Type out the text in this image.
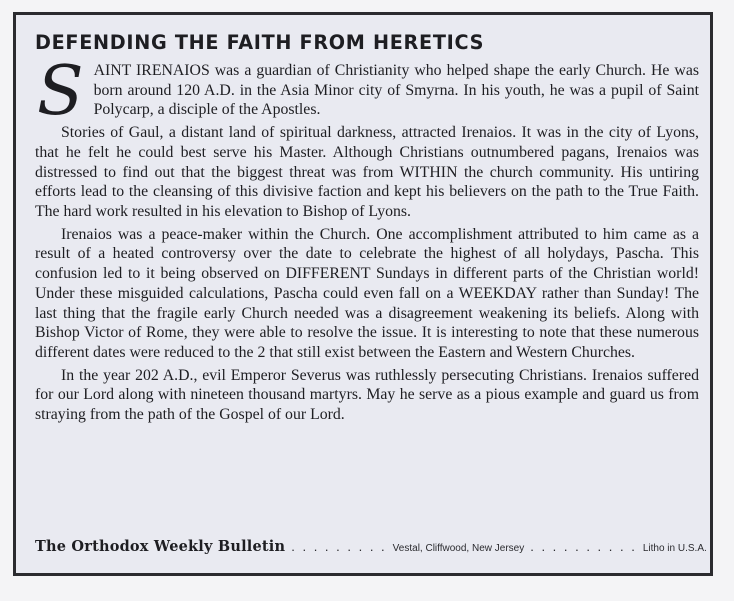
DEFENDING THE FAITH FROM HERETICS

SAINT IRENAIOS was a guardian of Christianity who helped shape the early Church. He was born around 120 A.D. in the Asia Minor city of Smyrna. In his youth, he was a pupil of Saint Polycarp, a disciple of the Apostles.

Stories of Gaul, a distant land of spiritual darkness, attracted Irenaios. It was in the city of Lyons, that he felt he could best serve his Master. Although Christians outnumbered pagans, Irenaios was distressed to find out that the biggest threat was from WITHIN the church community. His untiring efforts lead to the cleansing of this divisive faction and kept his believers on the path to the True Faith. The hard work resulted in his elevation to Bishop of Lyons.

Irenaios was a peace-maker within the Church. One accomplishment attributed to him came as a result of a heated controversy over the date to celebrate the highest of all holydays, Pascha. This confusion led to it being observed on DIFFERENT Sundays in different parts of the Christian world! Under these misguided calculations, Pascha could even fall on a WEEKDAY rather than Sunday! The last thing that the fragile early Church needed was a disagreement weakening its beliefs. Along with Bishop Victor of Rome, they were able to resolve the issue. It is interesting to note that these numerous different dates were reduced to the 2 that still exist between the Eastern and Western Churches.

In the year 202 A.D., evil Emperor Severus was ruthlessly persecuting Christians. Irenaios suffered for our Lord along with nineteen thousand martyrs. May he serve as a pious example and guard us from straying from the path of the Gospel of our Lord.

The Orthodox Weekly Bulletin . . . . . . . . . Vestal, Cliffwood, New Jersey . . . . . . . . . . Litho in U.S.A.
